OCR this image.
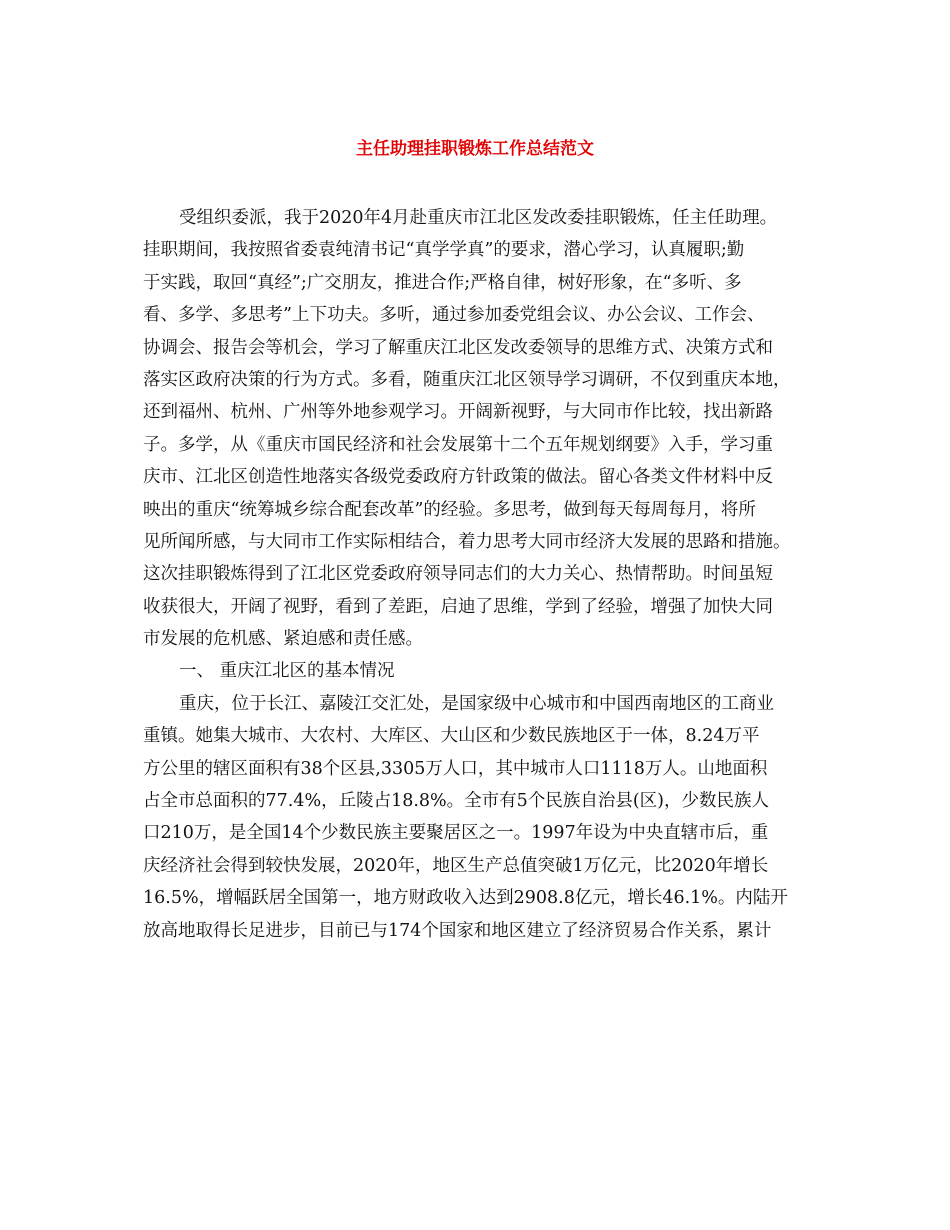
主任助理挂职锻炼工作总结范文

受组织委派，我于2020年4月赴重庆市江北区发改委挂职锻炼，任主任助理。

挂职期间，我按照省委袁纯清书记“真学学真”的要求，潜心学习，认真履职;勤

于实践，取回“真经”;广交朋友，推进合作;严格自律，树好形象，在“多听、多

看、多学、多思考”上下功夫。多听，通过参加委党组会议、办公会议、工作会、

协调会、报告会等机会，学习了解重庆江北区发改委领导的思维方式、决策方式和

落实区政府决策的行为方式。多看，随重庆江北区领导学习调研，不仅到重庆本地，

还到福州、杭州、广州等外地参观学习。开阔新视野，与大同市作比较，找出新路

子。多学，从《重庆市国民经济和社会发展第十二个五年规划纲要》入手，学习重

庆市、江北区创造性地落实各级党委政府方针政策的做法。留心各类文件材料中反

映出的重庆“统筹城乡综合配套改革”的经验。多思考，做到每天每周每月，将所

见所闻所感，与大同市工作实际相结合，着力思考大同市经济大发展的思路和措施。

这次挂职锻炼得到了江北区党委政府领导同志们的大力关心、热情帮助。时间虽短

收获很大，开阔了视野，看到了差距，启迪了思维，学到了经验，增强了加快大同

市发展的危机感、紧迫感和责任感。

一、 重庆江北区的基本情况

重庆，位于长江、嘉陵江交汇处，是国家级中心城市和中国西南地区的工商业

重镇。她集大城市、大农村、大库区、大山区和少数民族地区于一体，8.24万平

方公里的辖区面积有38个区县,3305万人口，其中城市人口1118万人。山地面积

占全市总面积的77.4%，丘陵占18.8%。全市有5个民族自治县(区)，少数民族人

口210万，是全国14个少数民族主要聚居区之一。1997年设为中央直辖市后，重

庆经济社会得到较快发展，2020年，地区生产总值突破1万亿元，比2020年增长

16.5%，增幅跃居全国第一，地方财政收入达到2908.8亿元，增长46.1%。内陆开

放高地取得长足进步，目前已与174个国家和地区建立了经济贸易合作关系，累计
